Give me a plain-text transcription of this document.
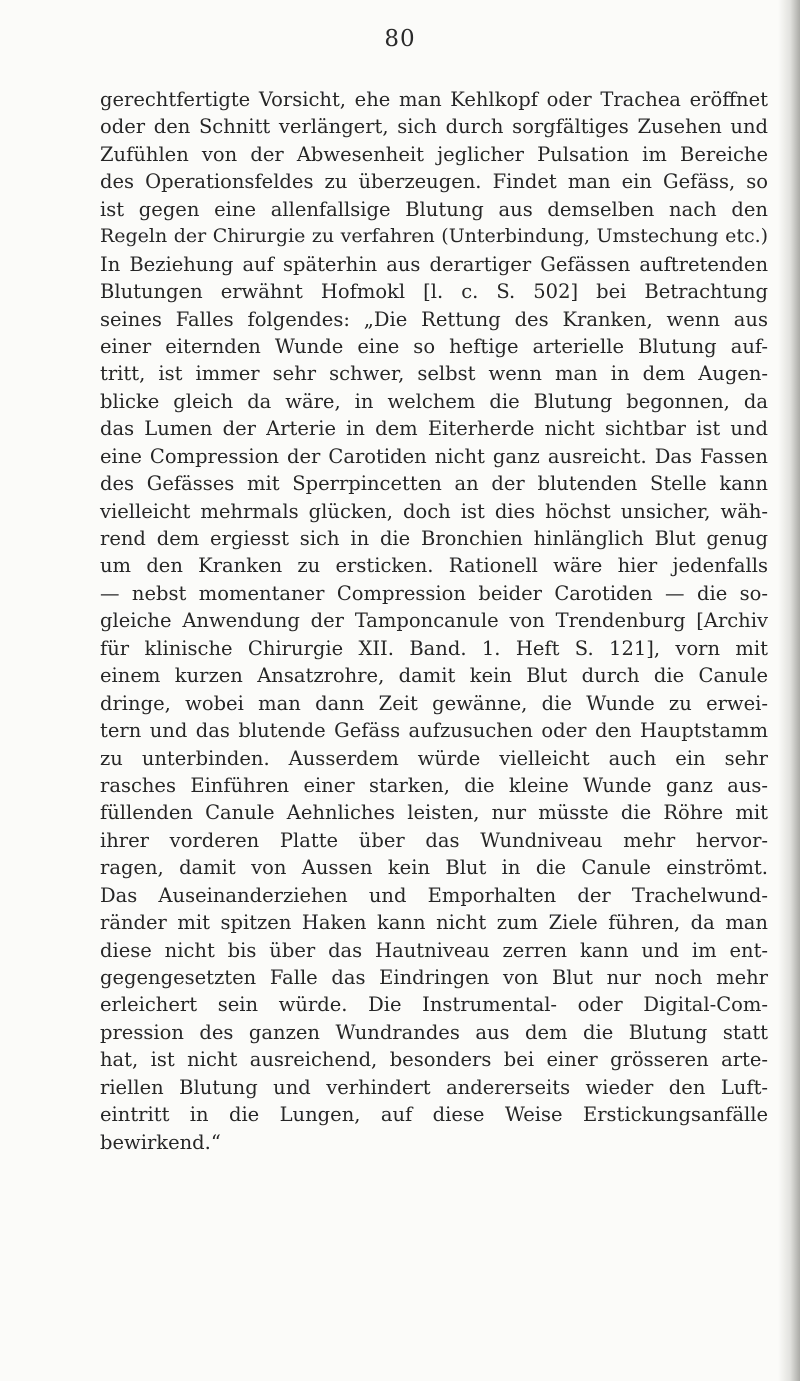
80
gerechtfertigte Vorsicht, ehe man Kehlkopf oder Trachea eröffnet
oder den Schnitt verlängert, sich durch sorgfältiges Zusehen und
Zufühlen von der Abwesenheit jeglicher Pulsation im Bereiche
des Operationsfeldes zu überzeugen. Findet man ein Gefäss, so
ist gegen eine allenfallsige Blutung aus demselben nach den
Regeln der Chirurgie zu verfahren (Unterbindung, Umstechung etc.)
In Beziehung auf späterhin aus derartiger Gefässen auftretenden
Blutungen erwähnt Hofmokl [l. c. S. 502] bei Betrachtung
seines Falles folgendes: „Die Rettung des Kranken, wenn aus
einer eiternden Wunde eine so heftige arterielle Blutung auf-
tritt, ist immer sehr schwer, selbst wenn man in dem Augen-
blicke gleich da wäre, in welchem die Blutung begonnen, da
das Lumen der Arterie in dem Eiterherde nicht sichtbar ist und
eine Compression der Carotiden nicht ganz ausreicht. Das Fassen
des Gefässes mit Sperrpincetten an der blutenden Stelle kann
vielleicht mehrmals glücken, doch ist dies höchst unsicher, wäh-
rend dem ergiesst sich in die Bronchien hinlänglich Blut genug
um den Kranken zu ersticken. Rationell wäre hier jedenfalls
— nebst momentaner Compression beider Carotiden — die so-
gleiche Anwendung der Tamponcanule von Trendenburg [Archiv
für klinische Chirurgie XII. Band. 1. Heft S. 121], vorn mit
einem kurzen Ansatzrohre, damit kein Blut durch die Canule
dringe, wobei man dann Zeit gewänne, die Wunde zu erwei-
tern und das blutende Gefäss aufzusuchen oder den Hauptstamm
zu unterbinden. Ausserdem würde vielleicht auch ein sehr
rasches Einführen einer starken, die kleine Wunde ganz aus-
füllenden Canule Aehnliches leisten, nur müsste die Röhre mit
ihrer vorderen Platte über das Wundniveau mehr hervor-
ragen, damit von Aussen kein Blut in die Canule einströmt.
Das Auseinanderziehen und Emporhalten der Trachelwund-
ränder mit spitzen Haken kann nicht zum Ziele führen, da man
diese nicht bis über das Hautniveau zerren kann und im ent-
gegengesetzten Falle das Eindringen von Blut nur noch mehr
erleichert sein würde. Die Instrumental- oder Digital-Com-
pression des ganzen Wundrandes aus dem die Blutung statt
hat, ist nicht ausreichend, besonders bei einer grösseren arte-
riellen Blutung und verhindert andererseits wieder den Luft-
eintritt in die Lungen, auf diese Weise Erstickungsanfälle
bewirkend.“
